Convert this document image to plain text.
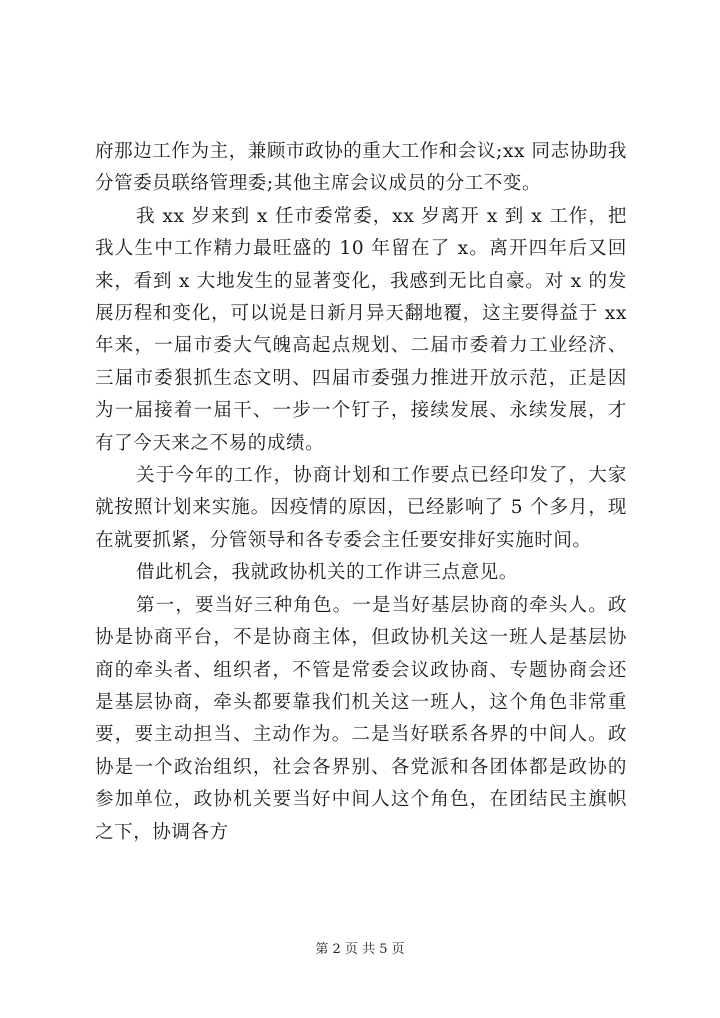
府那边工作为主，兼顾市政协的重大工作和会议;xx 同志协助我分管委员联络管理委;其他主席会议成员的分工不变。

我 xx 岁来到 x 任市委常委，xx 岁离开 x 到 x 工作，把我人生中工作精力最旺盛的 10 年留在了 x。离开四年后又回来，看到 x 大地发生的显著变化，我感到无比自豪。对 x 的发展历程和变化，可以说是日新月异天翻地覆，这主要得益于 xx 年来，一届市委大气魄高起点规划、二届市委着力工业经济、三届市委狠抓生态文明、四届市委强力推进开放示范，正是因为一届接着一届干、一步一个钉子，接续发展、永续发展，才有了今天来之不易的成绩。

关于今年的工作，协商计划和工作要点已经印发了，大家就按照计划来实施。因疫情的原因，已经影响了 5 个多月，现在就要抓紧，分管领导和各专委会主任要安排好实施时间。

借此机会，我就政协机关的工作讲三点意见。

第一，要当好三种角色。一是当好基层协商的牵头人。政协是协商平台，不是协商主体，但政协机关这一班人是基层协商的牵头者、组织者，不管是常委会议政协商、专题协商会还是基层协商，牵头都要靠我们机关这一班人，这个角色非常重要，要主动担当、主动作为。二是当好联系各界的中间人。政协是一个政治组织，社会各界别、各党派和各团体都是政协的参加单位，政协机关要当好中间人这个角色，在团结民主旗帜之下，协调各方

第 2 页 共 5 页
